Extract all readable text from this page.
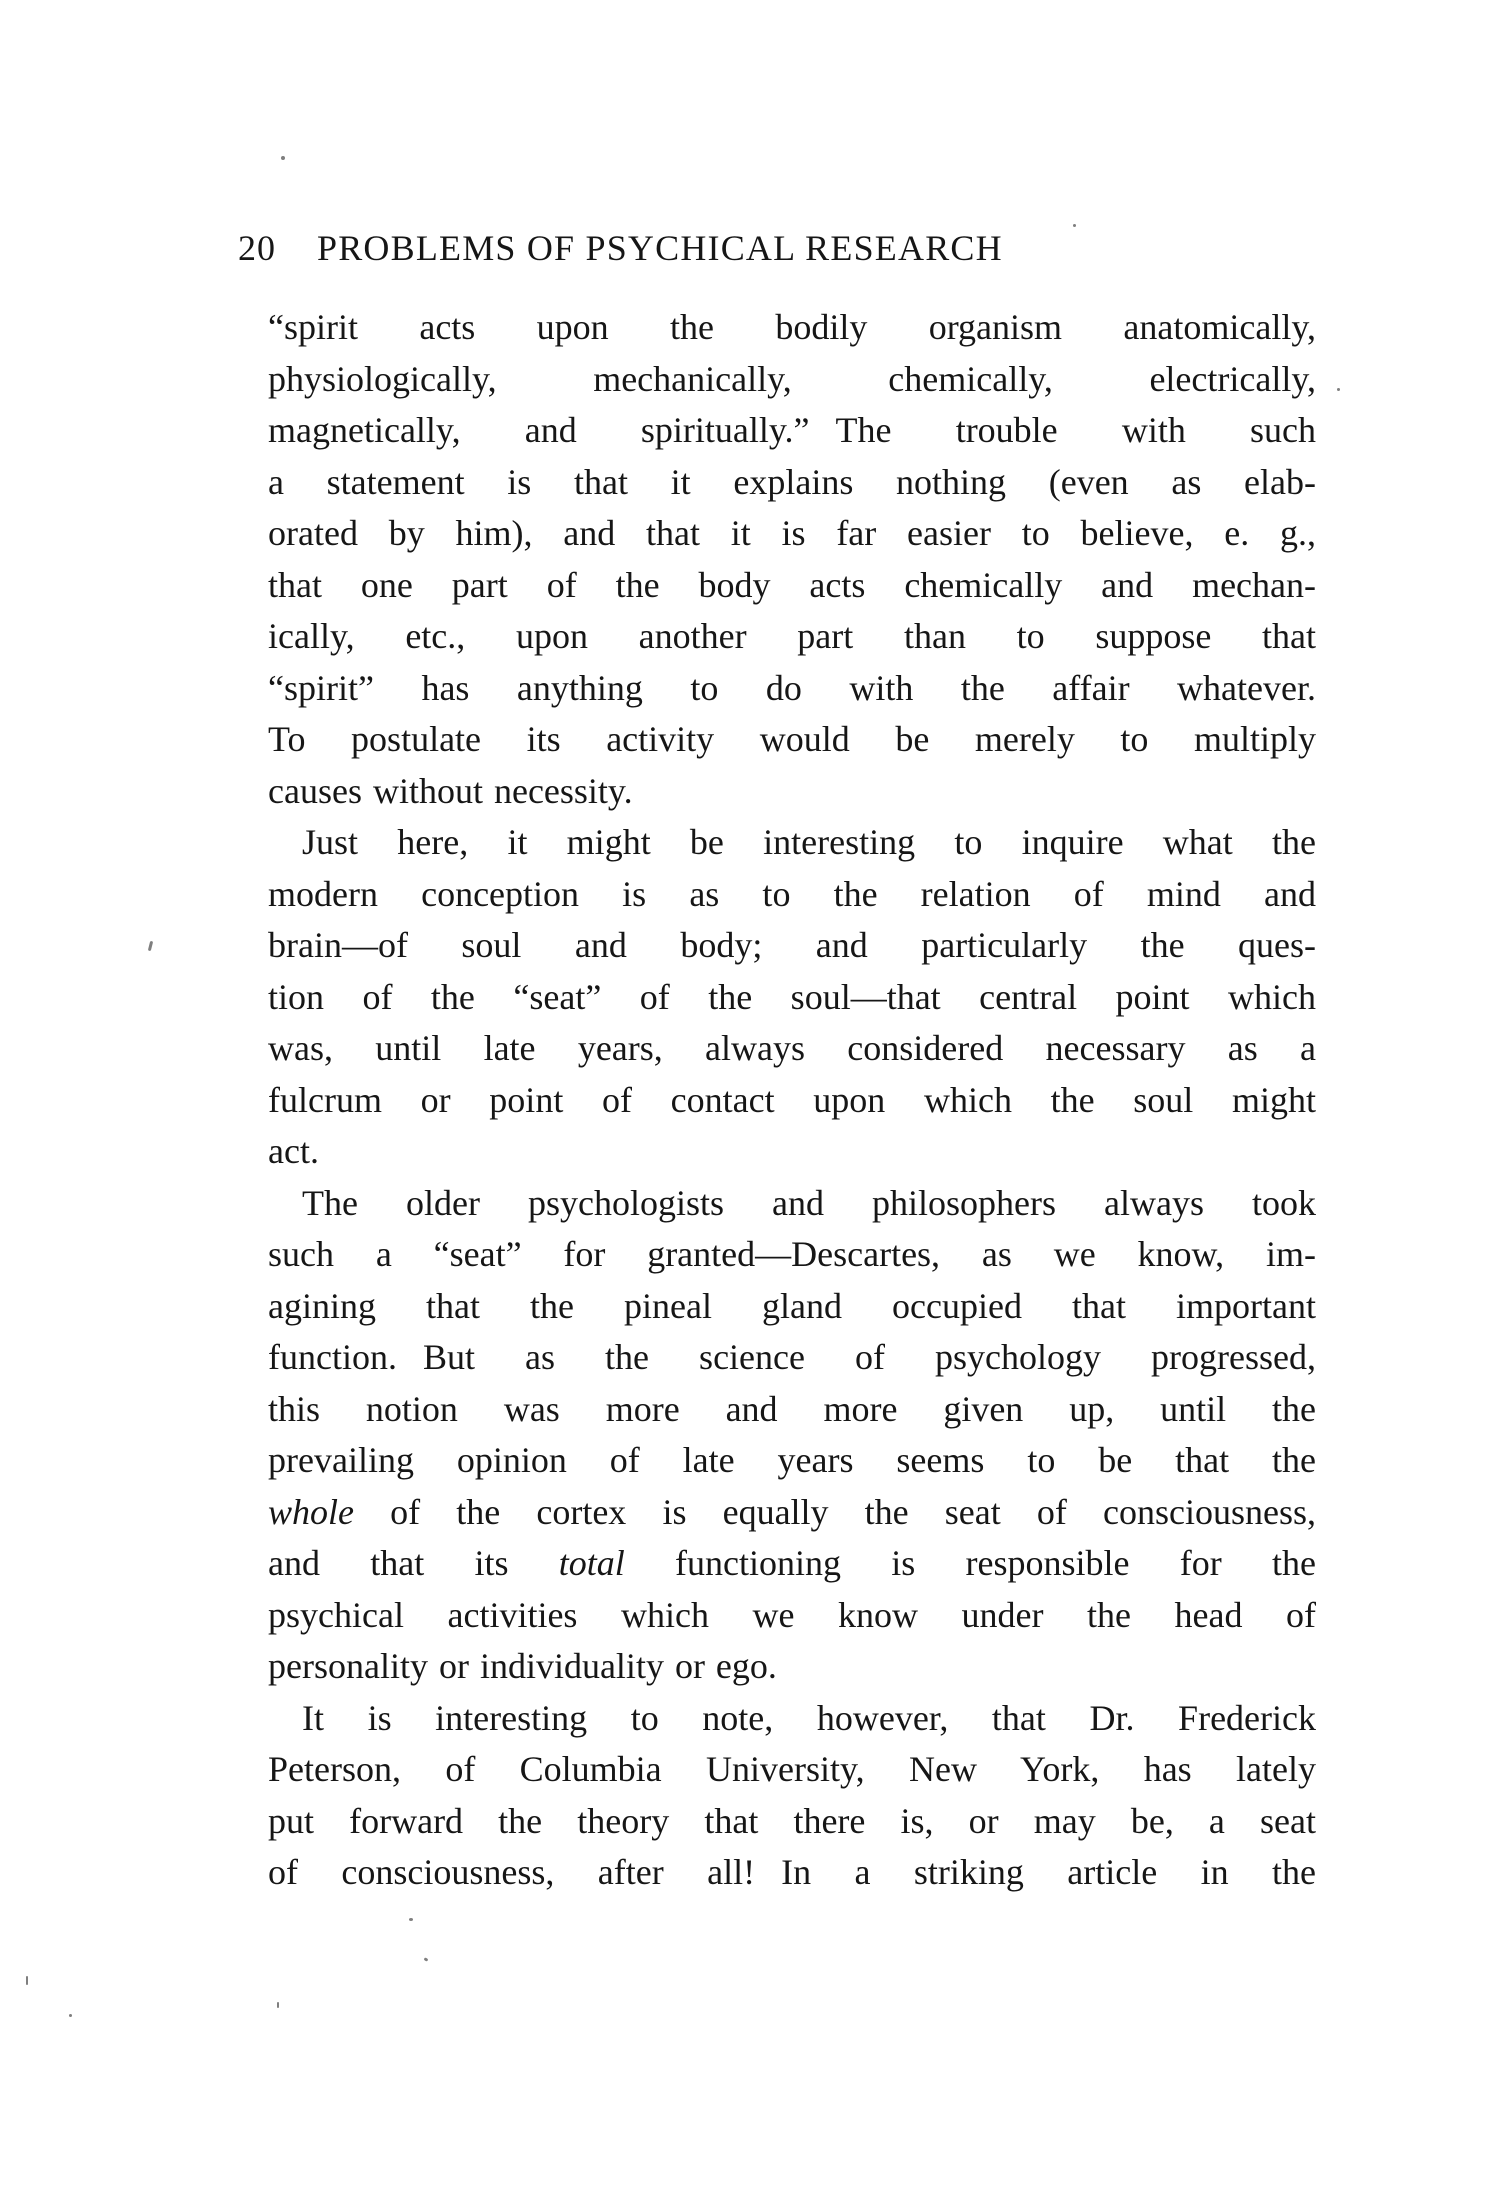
20 PROBLEMS OF PSYCHICAL RESEARCH
“spirit acts upon the bodily organism anatomically,
physiologically, mechanically, chemically, electrically,
magnetically, and spiritually.” The trouble with such
a statement is that it explains nothing (even as elab-
orated by him), and that it is far easier to believe, e. g.,
that one part of the body acts chemically and mechan-
ically, etc., upon another part than to suppose that
“spirit” has anything to do with the affair whatever.
To postulate its activity would be merely to multiply
causes without necessity.
Just here, it might be interesting to inquire what the
modern conception is as to the relation of mind and
brain—of soul and body; and particularly the ques-
tion of the “seat” of the soul—that central point which
was, until late years, always considered necessary as a
fulcrum or point of contact upon which the soul might
act.
The older psychologists and philosophers always took
such a “seat” for granted—Descartes, as we know, im-
agining that the pineal gland occupied that important
function. But as the science of psychology progressed,
this notion was more and more given up, until the
prevailing opinion of late years seems to be that the
whole of the cortex is equally the seat of consciousness,
and that its total functioning is responsible for the
psychical activities which we know under the head of
personality or individuality or ego.
It is interesting to note, however, that Dr. Frederick
Peterson, of Columbia University, New York, has lately
put forward the theory that there is, or may be, a seat
of consciousness, after all! In a striking article in the
